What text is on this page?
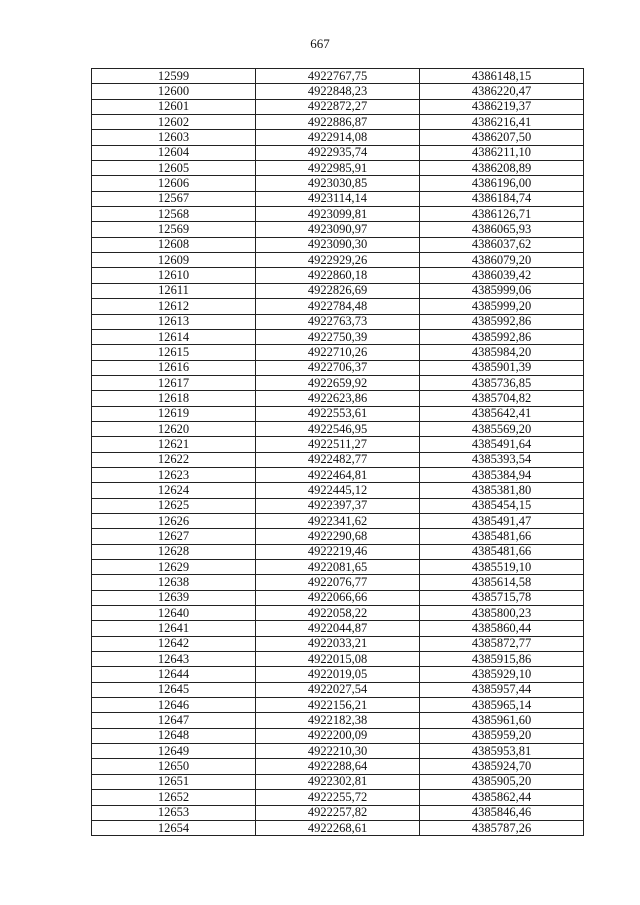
667
12599	4922767,75	4386148,15
12600	4922848,23	4386220,47
12601	4922872,27	4386219,37
12602	4922886,87	4386216,41
12603	4922914,08	4386207,50
12604	4922935,74	4386211,10
12605	4922985,91	4386208,89
12606	4923030,85	4386196,00
12567	4923114,14	4386184,74
12568	4923099,81	4386126,71
12569	4923090,97	4386065,93
12608	4923090,30	4386037,62
12609	4922929,26	4386079,20
12610	4922860,18	4386039,42
12611	4922826,69	4385999,06
12612	4922784,48	4385999,20
12613	4922763,73	4385992,86
12614	4922750,39	4385992,86
12615	4922710,26	4385984,20
12616	4922706,37	4385901,39
12617	4922659,92	4385736,85
12618	4922623,86	4385704,82
12619	4922553,61	4385642,41
12620	4922546,95	4385569,20
12621	4922511,27	4385491,64
12622	4922482,77	4385393,54
12623	4922464,81	4385384,94
12624	4922445,12	4385381,80
12625	4922397,37	4385454,15
12626	4922341,62	4385491,47
12627	4922290,68	4385481,66
12628	4922219,46	4385481,66
12629	4922081,65	4385519,10
12638	4922076,77	4385614,58
12639	4922066,66	4385715,78
12640	4922058,22	4385800,23
12641	4922044,87	4385860,44
12642	4922033,21	4385872,77
12643	4922015,08	4385915,86
12644	4922019,05	4385929,10
12645	4922027,54	4385957,44
12646	4922156,21	4385965,14
12647	4922182,38	4385961,60
12648	4922200,09	4385959,20
12649	4922210,30	4385953,81
12650	4922288,64	4385924,70
12651	4922302,81	4385905,20
12652	4922255,72	4385862,44
12653	4922257,82	4385846,46
12654	4922268,61	4385787,26
